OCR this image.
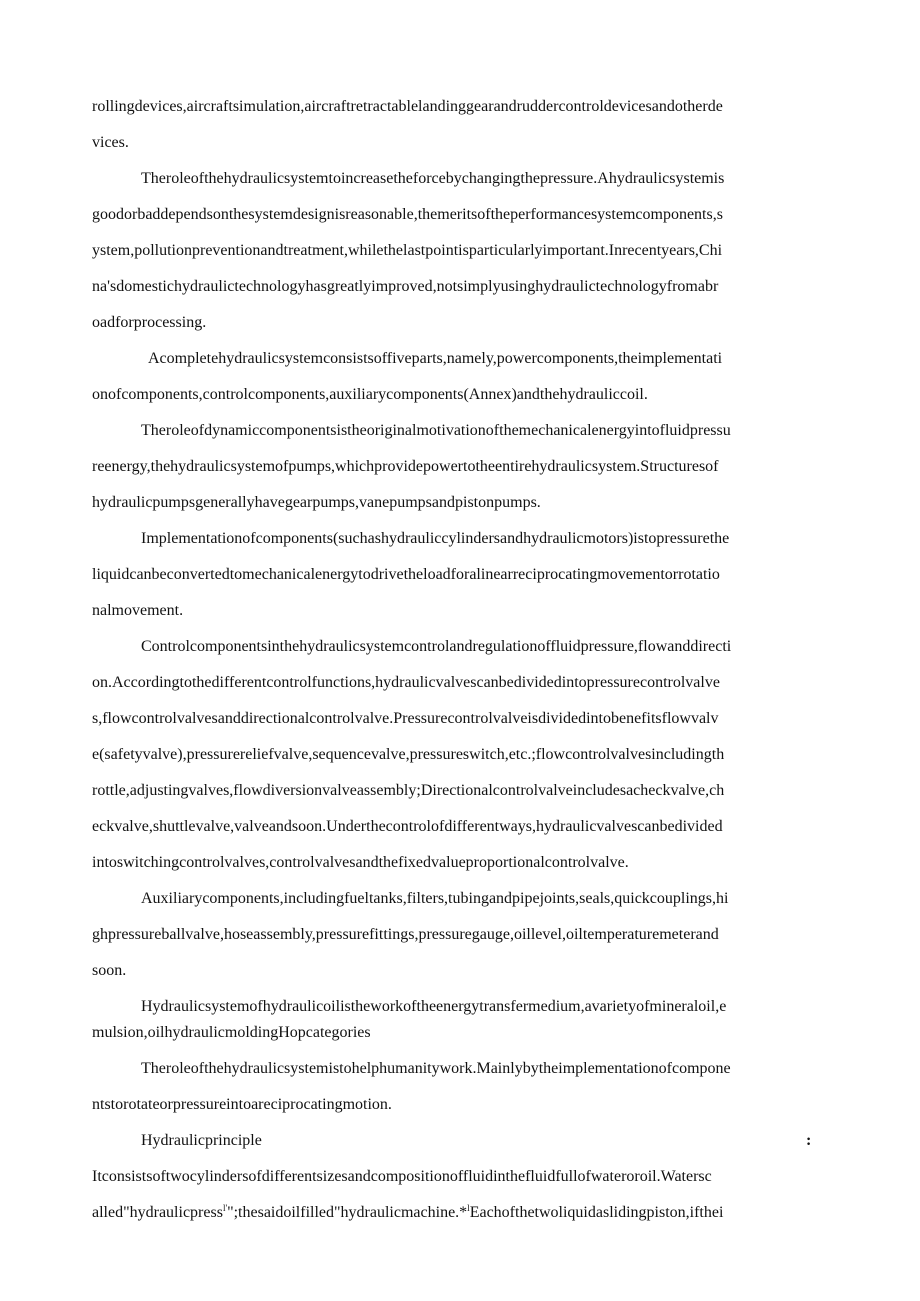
rollingdevices,aircraftsimulation,aircraftretractablelandinggearandruddercontroldevicesandotherde

vices.

Theroleofthehydraulicsystemtoincreasetheforcebychangingthepressure.Ahydraulicsystemis

goodorbaddependsonthesystemdesignisreasonable,themeritsoftheperformancesystemcomponents,s

ystem,pollutionpreventionandtreatment,whilethelastpointisparticularlyimportant.Inrecentyears,Chi

na'sdomestichydraulictechnologyhasgreatlyimproved,notsimplyusinghydraulictechnologyfromabr

oadforprocessing.

Acompletehydraulicsystemconsistsoffiveparts,namely,powercomponents,theimplementati

onofcomponents,controlcomponents,auxiliarycomponents(Annex)andthehydrauliccoil.

Theroleofdynamiccomponentsistheoriginalmotivationofthemechanicalenergyintofluidpressu

reenergy,thehydraulicsystemofpumps,whichprovidepowertotheentirehydraulicsystem.Structuresof

hydraulicpumpsgenerallyhavegearpumps,vanepumpsandpistonpumps.

Implementationofcomponents(suchashydrauliccylindersandhydraulicmotors)istopressurethe

liquidcanbeconvertedtomechanicalenergytodrivetheloadforalinearreciprocatingmovementorrotatio

nalmovement.

Controlcomponentsinthehydraulicsystemcontrolandregulationoffluidpressure,flowanddirecti

on.Accordingtothedifferentcontrolfunctions,hydraulicvalvescanbedividedintopressurecontrolvalve

s,flowcontrolvalvesanddirectionalcontrolvalve.Pressurecontrolvalveisdividedintobenefitsflowvalv

e(safetyvalve),pressurereliefvalve,sequencevalve,pressureswitch,etc.;flowcontrolvalvesincludingth

rottle,adjustingvalves,flowdiversionvalveassembly;Directionalcontrolvalveincludesacheckvalve,ch

eckvalve,shuttlevalve,valveandsoon.Underthecontrolofdifferentways,hydraulicvalvescanbedivided

intoswitchingcontrolvalves,controlvalvesandthefixedvalueproportionalcontrolvalve.

Auxiliarycomponents,includingfueltanks,filters,tubingandpipejoints,seals,quickcouplings,hi

ghpressureballvalve,hoseassembly,pressurefittings,pressuregauge,oillevel,oiltemperaturemeterand

soon.

Hydraulicsystemofhydraulicoilistheworkoftheenergytransfermedium,avarietyofmineraloil,e

mulsion,oilhydraulicmoldingHopcategories

Theroleofthehydraulicsystemistohelphumanitywork.Mainlybytheimplementationofcompone

ntstorotateorpressureintoareciprocatingmotion.

Hydraulicprinciple	:

Itconsistsoftwocylindersofdifferentsizesandcompositionoffluidinthefluidfullofwateroroil.Watersc

alled"hydraulicpress$^{l'}$";thesaidoilfilled"hydraulicmachine.*$^l$Eachofthetwoliquidaslidingpiston,ifthei
